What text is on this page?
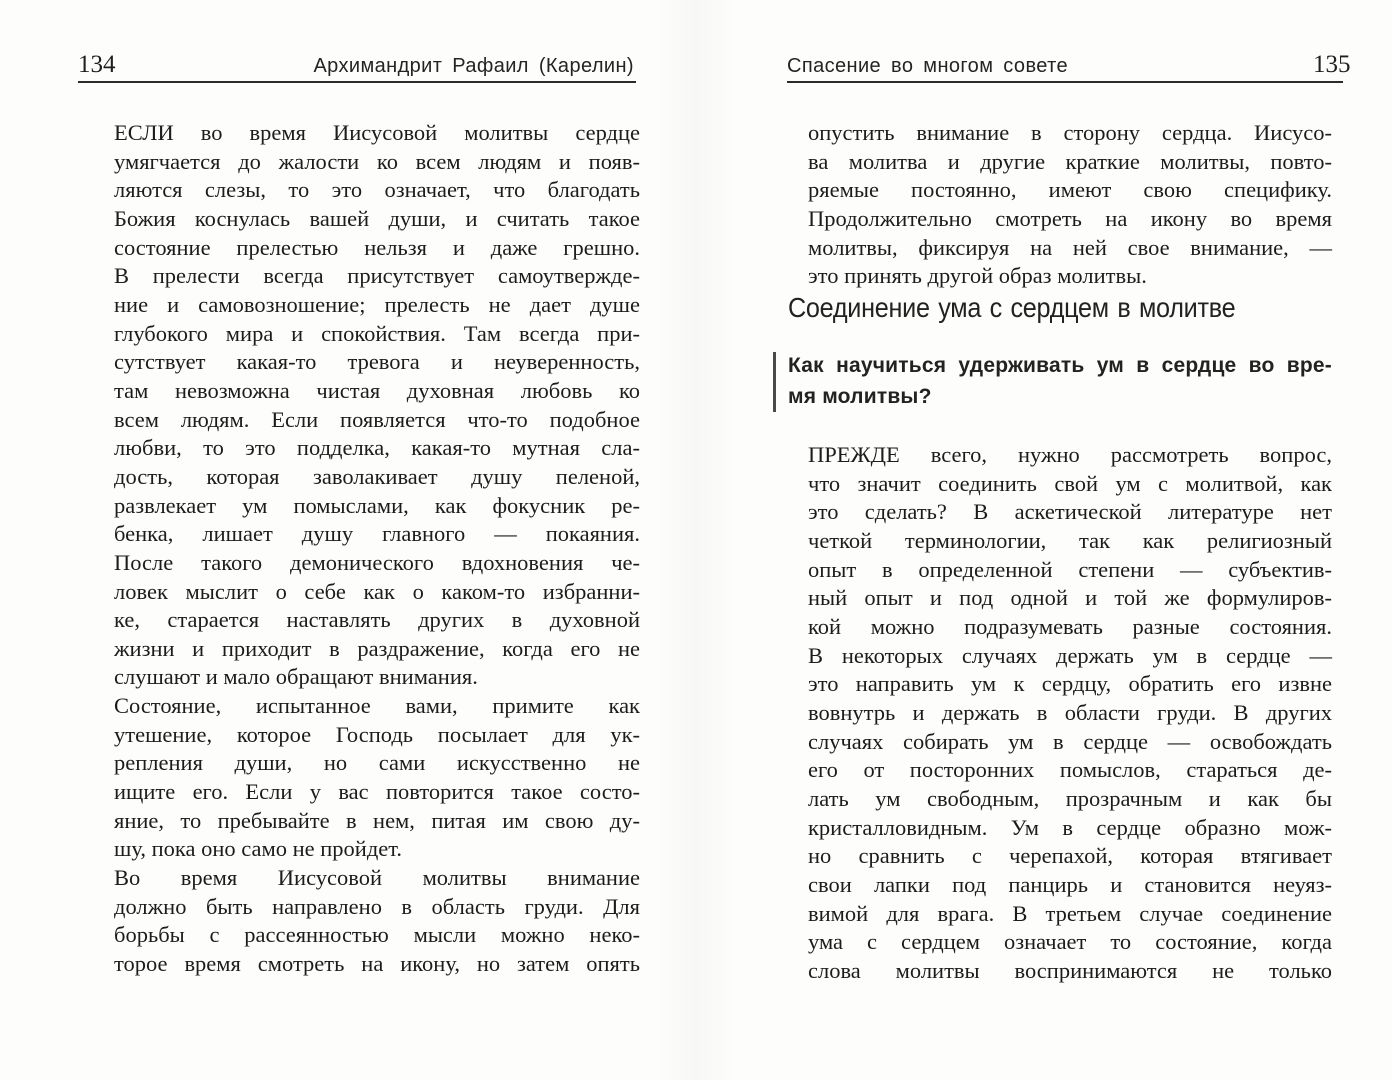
134	Архимандрит Рафаил (Карелин)
ЕСЛИ во время Иисусовой молитвы сердце
умягчается до жалости ко всем людям и появ-
ляются слезы, то это означает, что благодать
Божия коснулась вашей души, и считать такое
состояние прелестью нельзя и даже грешно.
В прелести всегда присутствует самоутвержде-
ние и самовозношение; прелесть не дает душе
глубокого мира и спокойствия. Там всегда при-
сутствует какая-то тревога и неуверенность,
там невозможна чистая духовная любовь ко
всем людям. Если появляется что-то подобное
любви, то это подделка, какая-то мутная сла-
дость, которая заволакивает душу пеленой,
развлекает ум помыслами, как фокусник ре-
бенка, лишает душу главного — покаяния.
После такого демонического вдохновения че-
ловек мыслит о себе как о каком-то избранни-
ке, старается наставлять других в духовной
жизни и приходит в раздражение, когда его не
слушают и мало обращают внимания.
Состояние, испытанное вами, примите как
утешение, которое Господь посылает для ук-
репления души, но сами искусственно не
ищите его. Если у вас повторится такое состо-
яние, то пребывайте в нем, питая им свою ду-
шу, пока оно само не пройдет.
Во время Иисусовой молитвы внимание
должно быть направлено в область груди. Для
борьбы с рассеянностью мысли можно неко-
торое время смотреть на икону, но затем опять
Спасение во многом совете	135
опустить внимание в сторону сердца. Иисусо-
ва молитва и другие краткие молитвы, повто-
ряемые постоянно, имеют свою специфику.
Продолжительно смотреть на икону во время
молитвы, фиксируя на ней свое внимание, —
это принять другой образ молитвы.
Соединение ума с сердцем в молитве
Как научиться удерживать ум в сердце во вре-
мя молитвы?
ПРЕЖДЕ всего, нужно рассмотреть вопрос,
что значит соединить свой ум с молитвой, как
это сделать? В аскетической литературе нет
четкой терминологии, так как религиозный
опыт в определенной степени — субъектив-
ный опыт и под одной и той же формулиров-
кой можно подразумевать разные состояния.
В некоторых случаях держать ум в сердце —
это направить ум к сердцу, обратить его извне
вовнутрь и держать в области груди. В других
случаях собирать ум в сердце — освобождать
его от посторонних помыслов, стараться де-
лать ум свободным, прозрачным и как бы
кристалловидным. Ум в сердце образно мож-
но сравнить с черепахой, которая втягивает
свои лапки под панцирь и становится неуяз-
вимой для врага. В третьем случае соединение
ума с сердцем означает то состояние, когда
слова молитвы воспринимаются не только
